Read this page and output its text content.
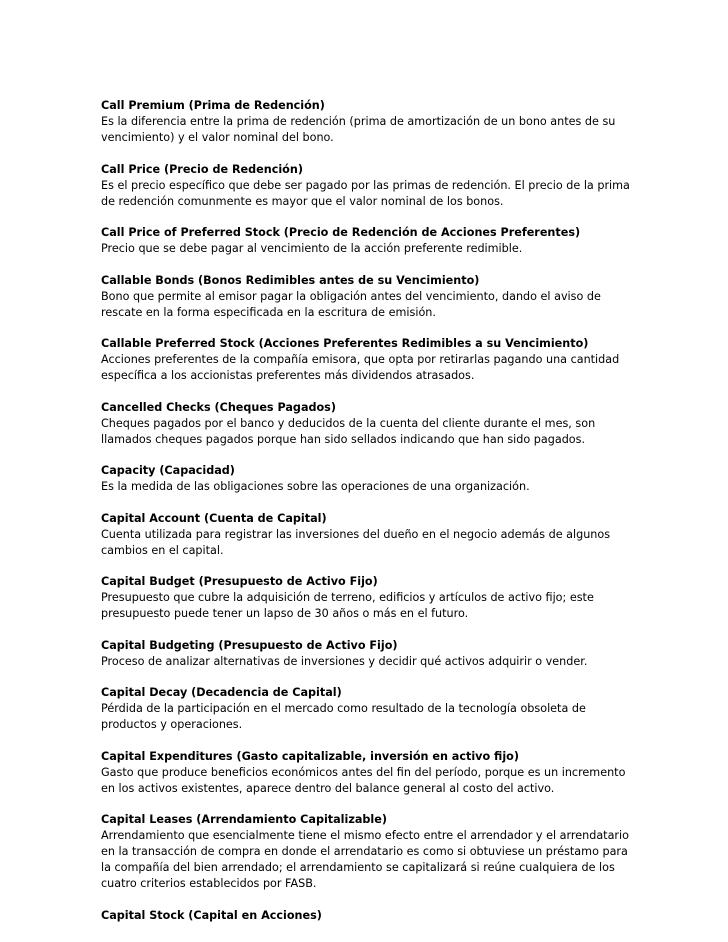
Call Premium (Prima de Redención)
Es la diferencia entre la prima de redención (prima de amortización de un bono antes de su vencimiento) y el valor nominal del bono.
Call Price (Precio de Redención)
Es el precio específico que debe ser pagado por las primas de redención. El precio de la prima de redención comunmente es mayor que el valor nominal de los bonos.
Call Price of Preferred Stock (Precio de Redención de Acciones Preferentes)
Precio que se debe pagar al vencimiento de la acción preferente redimible.
Callable Bonds (Bonos Redimibles antes de su Vencimiento)
Bono que permite al emisor pagar la obligación antes del vencimiento, dando el aviso de rescate en la forma especificada en la escritura de emisión.
Callable Preferred Stock (Acciones Preferentes Redimibles a su Vencimiento)
Acciones preferentes de la compañía emisora, que opta por retirarlas pagando una cantidad específica a los accionistas preferentes más dividendos atrasados.
Cancelled Checks (Cheques Pagados)
Cheques pagados por el banco y deducidos de la cuenta del cliente durante el mes, son llamados cheques pagados porque han sido sellados indicando que han sido pagados.
Capacity (Capacidad)
Es la medida de las obligaciones sobre las operaciones de una organización.
Capital Account (Cuenta de Capital)
Cuenta utilizada para registrar las inversiones del dueño en el negocio además de algunos cambios en el capital.
Capital Budget (Presupuesto de Activo Fijo)
Presupuesto que cubre la adquisición de terreno, edificios y artículos de activo fijo; este presupuesto puede tener un lapso de 30 años o más en el futuro.
Capital Budgeting (Presupuesto de Activo Fijo)
Proceso de analizar alternativas de inversiones y decidir qué activos adquirir o vender.
Capital Decay (Decadencia de Capital)
Pérdida de la participación en el mercado como resultado de la tecnología obsoleta de productos y operaciones.
Capital Expenditures (Gasto capitalizable, inversión en activo fijo)
Gasto que produce beneficios económicos antes del fin del período, porque es un incremento en los activos existentes, aparece dentro del balance general al costo del activo.
Capital Leases (Arrendamiento Capitalizable)
Arrendamiento que esencialmente tiene el mismo efecto entre el arrendador y el arrendatario en la transacción de compra en donde el arrendatario es como si obtuviese un préstamo para la compañía del bien arrendado; el arrendamiento se capitalizará si reúne cualquiera de los cuatro criterios establecidos por FASB.
Capital Stock (Capital en Acciones)
